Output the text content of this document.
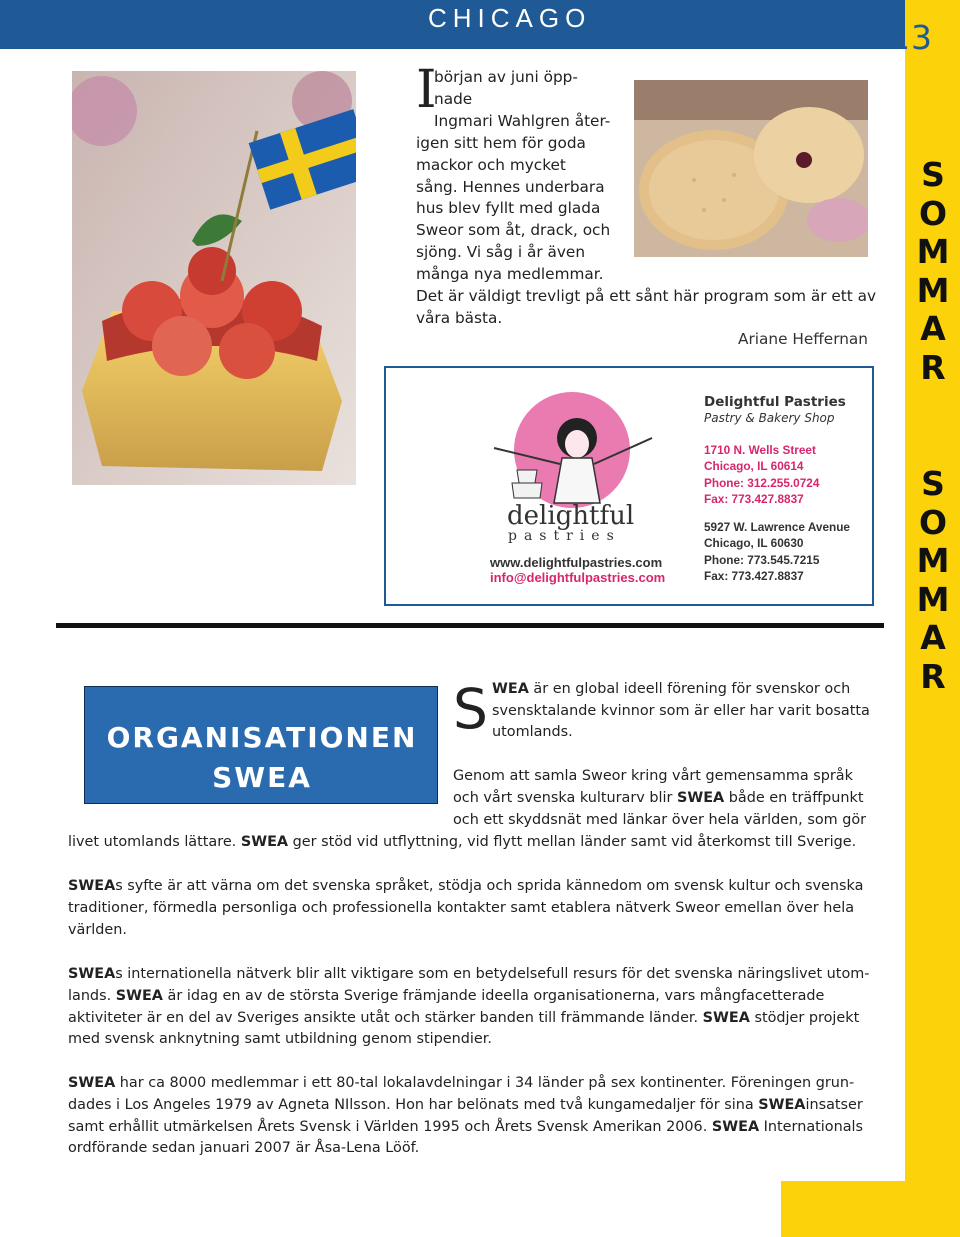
CHICAGO	13
S
O
M
M
A
R
S
O
M
M
A
R
I
början av juni öpp-
nade
Ingmari Wahlgren åter-
igen sitt hem för goda
mackor och mycket
sång. Hennes underbara
hus blev fyllt med glada
Sweor som åt, drack, och
sjöng. Vi såg i år även
många nya medlemmar.
Det är väldigt trevligt på ett sånt här program som är ett av våra bästa.
Ariane Heffernan
delightful
pastries
www.delightfulpastries.com
info@delightfulpastries.com
Delightful Pastries
Pastry & Bakery Shop
1710 N. Wells Street
Chicago, IL 60614
Phone: 312.255.0724
Fax: 773.427.8837
5927 W. Lawrence Avenue
Chicago, IL 60630
Phone: 773.545.7215
Fax: 773.427.8837
ORGANISATIONEN
SWEA
S WEA är en global ideell förening för svenskor och svensktalande kvinnor som är eller har varit bosatta utomlands.
Genom att samla Sweor kring vårt gemensamma språk
och vårt svenska kulturarv blir SWEA både en träffpunkt
och ett skyddsnät med länkar över hela världen, som gör
livet utomlands lättare. SWEA ger stöd vid utflyttning, vid flytt mellan länder samt vid återkomst till Sverige.
SWEAs syfte är att värna om det svenska språket, stödja och sprida kännedom om svensk kultur och svenska traditioner, förmedla personliga och professionella kontakter samt etablera nätverk Sweor emellan över hela världen.
SWEAs internationella nätverk blir allt viktigare som en betydelsefull resurs för det svenska näringslivet utom-lands. SWEA är idag en av de största Sverige främjande ideella organisationerna, vars mångfacetterade aktiviteter är en del av Sveriges ansikte utåt och stärker banden till främmande länder. SWEA stödjer projekt med svensk anknytning samt utbildning genom stipendier.
SWEA har ca 8000 medlemmar i ett 80-tal lokalavdelningar i 34 länder på sex kontinenter. Föreningen grun-dades i Los Angeles 1979 av Agneta NIlsson. Hon har belönats med två kungamedaljer för sina SWEAinsatser samt erhållit utmärkelsen Årets Svensk i Världen 1995 och Årets Svensk Amerikan 2006. SWEA Internationals ordförande sedan januari 2007 är Åsa-Lena Lööf.
